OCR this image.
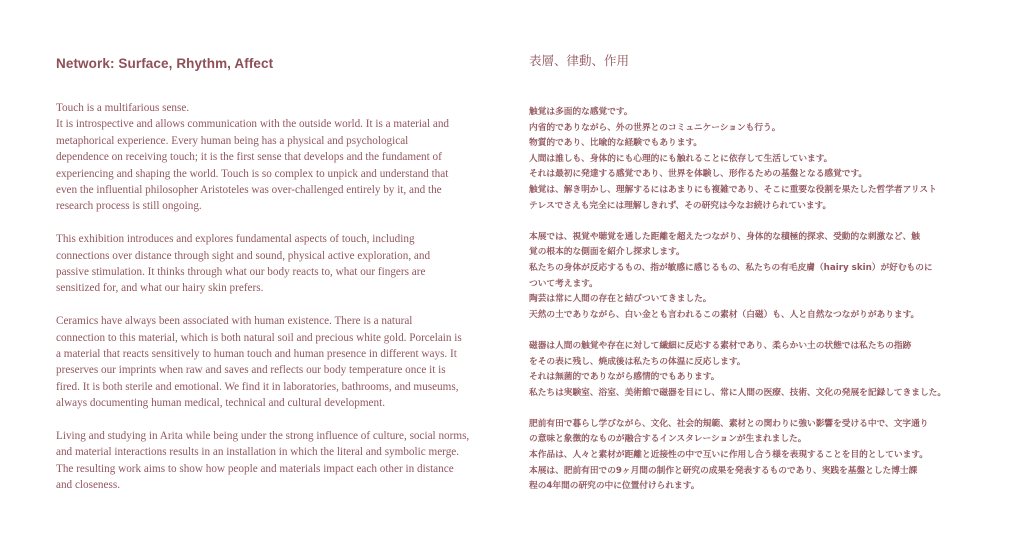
Network: Surface, Rhythm, Affect

Touch is a multifarious sense.
It is introspective and allows communication with the outside world. It is a material and
metaphorical experience. Every human being has a physical and psychological
dependence on receiving touch; it is the first sense that develops and the fundament of
experiencing and shaping the world. Touch is so complex to unpick and understand that
even the influential philosopher Aristoteles was over-challenged entirely by it, and the
research process is still ongoing.

This exhibition introduces and explores fundamental aspects of touch, including
connections over distance through sight and sound, physical active exploration, and
passive stimulation. It thinks through what our body reacts to, what our fingers are
sensitized for, and what our hairy skin prefers.

Ceramics have always been associated with human existence. There is a natural
connection to this material, which is both natural soil and precious white gold. Porcelain is
a material that reacts sensitively to human touch and human presence in different ways. It
preserves our imprints when raw and saves and reflects our body temperature once it is
fired. It is both sterile and emotional. We find it in laboratories, bathrooms, and museums,
always documenting human medical, technical and cultural development.

Living and studying in Arita while being under the strong influence of culture, social norms,
and material interactions results in an installation in which the literal and symbolic merge.
The resulting work aims to show how people and materials impact each other in distance
and closeness.

表層、律動、作用

触覚は多面的な感覚です。
内省的でありながら、外の世界とのコミュニケーションも行う。
物質的であり、比喩的な経験でもあります。
人間は誰しも、身体的にも心理的にも触れることに依存して生活しています。
それは最初に発達する感覚であり、世界を体験し、形作るための基盤となる感覚です。
触覚は、解き明かし、理解するにはあまりにも複雑であり、そこに重要な役割を果たした哲学者アリスト
テレスでさえも完全には理解しきれず、その研究は今なお続けられています。

本展では、視覚や聴覚を通した距離を超えたつながり、身体的な積極的探求、受動的な刺激など、触
覚の根本的な側面を紹介し探求します。
私たちの身体が反応するもの、指が敏感に感じるもの、私たちの有毛皮膚（hairy skin）が好むものに
ついて考えます。
陶芸は常に人間の存在と結びついてきました。
天然の土でありながら、白い金とも言われるこの素材（白磁）も、人と自然なつながりがあります。

磁器は人間の触覚や存在に対して繊細に反応する素材であり、柔らかい土の状態では私たちの指跡
をその表に残し、焼成後は私たちの体温に反応します。
それは無菌的でありながら感情的でもあります。
私たちは実験室、浴室、美術館で磁器を目にし、常に人間の医療、技術、文化の発展を記録してきました。

肥前有田で暮らし学びながら、文化、社会的規範、素材との関わりに強い影響を受ける中で、文字通り
の意味と象徴的なものが融合するインスタレーションが生まれました。
本作品は、人々と素材が距離と近接性の中で互いに作用し合う様を表現することを目的としています。
本展は、肥前有田での9ヶ月間の制作と研究の成果を発表するものであり、実践を基盤とした博士課
程の4年間の研究の中に位置付けられます。
